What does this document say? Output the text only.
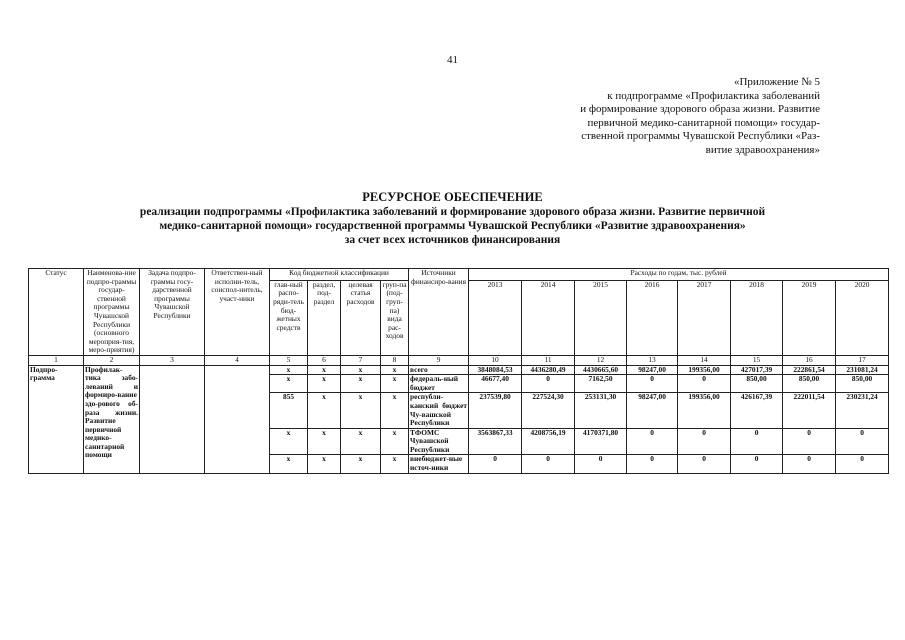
41
«Приложение № 5
к подпрограмме «Профилактика заболеваний
и формирование здорового образа жизни. Развитие
первичной медико-санитарной помощи» государ-
ственной программы Чувашской Республики «Раз-
витие здравоохранения»
РЕСУРСНОЕ ОБЕСПЕЧЕНИЕ
реализации подпрограммы «Профилактика заболеваний и формирование здорового образа жизни. Развитие первичной
медико-санитарной помощи» государственной программы Чувашской Республики «Развитие здравоохранения»
за счет всех источников финансирования
Статус	Наименова-ние подпро-граммы государ-ственной программы Чувашской Республики (основного мероприя-тия, меро-приятия)	Задача подпро-граммы госу-дарственной программы Чувашской Республики	Ответствен-ный исполни-тель, соиспол-нитель, участ-ники	Код бюджетной классификации				Источники финансиро-вания	Расходы по годам, тыс. рублей							
				глав-ный распо-ряди-тель бюд-жетных средств	раздел, под-раздел	целевая статья расходов	груп-па (под-груп-па) вида рас-ходов		2013	2014	2015	2016	2017	2018	2019	2020
1	2	3	4	5	6	7	8	9	10	11	12	13	14	15	16	17
Подпро-грамма	Профилак-тика забо-леваний и формиро-вание здо-рового об-раза жизни. Развитие первичной медико-санитарной помощи			x	x	x	x	всего	3848084,53	4436280,49	4430665,60	98247,00	199356,00	427017,39	222861,54	231081,24
				x	x	x	x	федераль-ный бюджет	46677,40	0	7162,50	0	0	850,00	850,00	850,00
				855	x	x	x	республи-канский бюджет Чу-вашской Республики	237539,80	227524,30	253131,30	98247,00	199356,00	426167,39	222011,54	230231,24
				x	x	x	x	ТФОМС Чувашской Республики	3563867,33	4208756,19	4170371,80	0	0	0	0	0
				x	x	x	x	внебюджет-ные источ-ники	0	0	0	0	0	0	0	0
